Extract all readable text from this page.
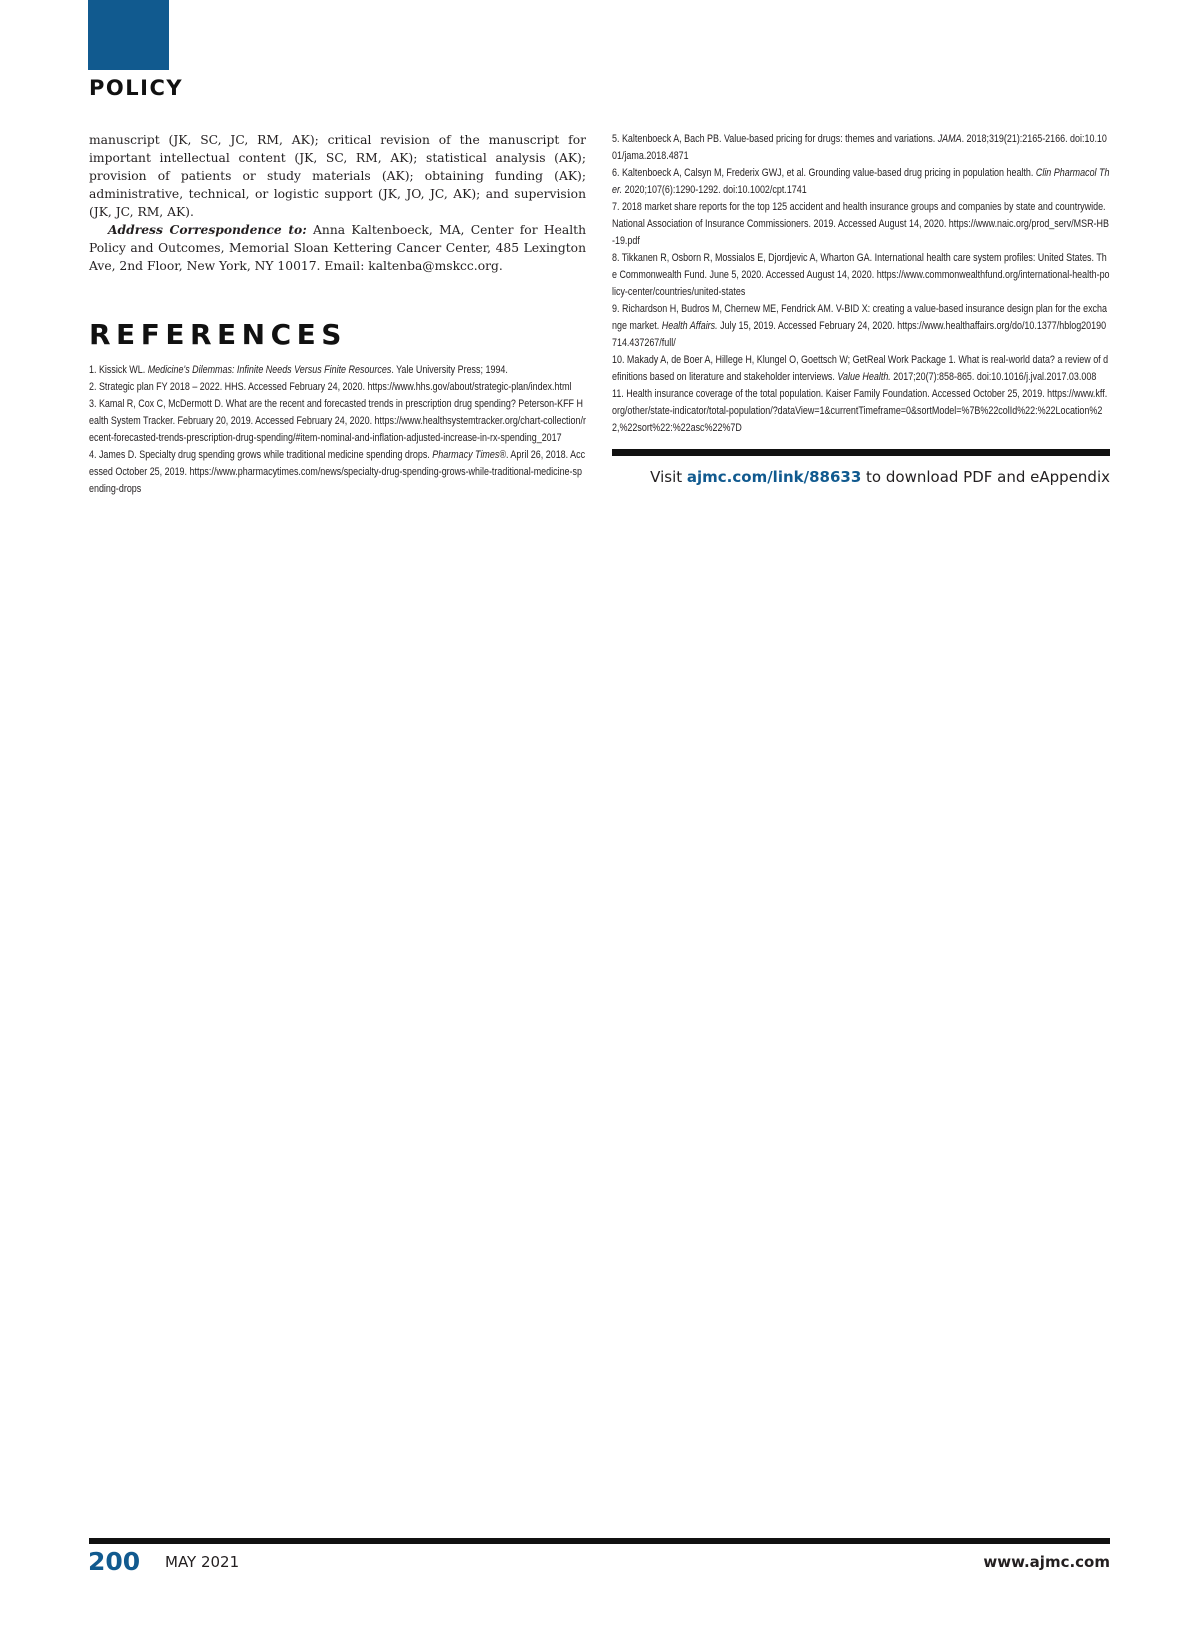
POLICY

manuscript (JK, SC, JC, RM, AK); critical revision of the manuscript for important intellectual content (JK, SC, RM, AK); statistical analysis (AK); provision of patients or study materials (AK); obtaining funding (AK); administrative, technical, or logistic support (JK, JO, JC, AK); and supervision (JK, JC, RM, AK).

Address Correspondence to: Anna Kaltenboeck, MA, Center for Health Policy and Outcomes, Memorial Sloan Kettering Cancer Center, 485 Lexington Ave, 2nd Floor, New York, NY 10017. Email: kaltenba@mskcc.org.

REFERENCES
1. Kissick WL. Medicine's Dilemmas: Infinite Needs Versus Finite Resources. Yale University Press; 1994.
2. Strategic plan FY 2018 – 2022. HHS. Accessed February 24, 2020. https://www.hhs.gov/about/strategic-plan/index.html
3. Kamal R, Cox C, McDermott D. What are the recent and forecasted trends in prescription drug spending? Peterson-KFF Health System Tracker. February 20, 2019. Accessed February 24, 2020. https://www.healthsystemtracker.org/chart-collection/recent-forecasted-trends-prescription-drug-spending/#item-nominal-and-inflation-adjusted-increase-in-rx-spending_2017
4. James D. Specialty drug spending grows while traditional medicine spending drops. Pharmacy Times®. April 26, 2018. Accessed October 25, 2019. https://www.pharmacytimes.com/news/specialty-drug-spending-grows-while-traditional-medicine-spending-drops
5. Kaltenboeck A, Bach PB. Value-based pricing for drugs: themes and variations. JAMA. 2018;319(21):2165-2166. doi:10.1001/jama.2018.4871
6. Kaltenboeck A, Calsyn M, Frederix GWJ, et al. Grounding value-based drug pricing in population health. Clin Pharmacol Ther. 2020;107(6):1290-1292. doi:10.1002/cpt.1741
7. 2018 market share reports for the top 125 accident and health insurance groups and companies by state and countrywide. National Association of Insurance Commissioners. 2019. Accessed August 14, 2020. https://www.naic.org/prod_serv/MSR-HB-19.pdf
8. Tikkanen R, Osborn R, Mossialos E, Djordjevic A, Wharton GA. International health care system profiles: United States. The Commonwealth Fund. June 5, 2020. Accessed August 14, 2020. https://www.commonwealthfund.org/international-health-policy-center/countries/united-states
9. Richardson H, Budros M, Chernew ME, Fendrick AM. V-BID X: creating a value-based insurance design plan for the exchange market. Health Affairs. July 15, 2019. Accessed February 24, 2020. https://www.healthaffairs.org/do/10.1377/hblog20190714.437267/full/
10. Makady A, de Boer A, Hillege H, Klungel O, Goettsch W; GetReal Work Package 1. What is real-world data? a review of definitions based on literature and stakeholder interviews. Value Health. 2017;20(7):858-865. doi:10.1016/j.jval.2017.03.008
11. Health insurance coverage of the total population. Kaiser Family Foundation. Accessed October 25, 2019. https://www.kff.org/other/state-indicator/total-population/?dataView=1&currentTimeframe=0&sortModel=%7B%22colId%22:%22Location%22,%22sort%22:%22asc%22%7D
Visit ajmc.com/link/88633 to download PDF and eAppendix
200 MAY 2021	www.ajmc.com
